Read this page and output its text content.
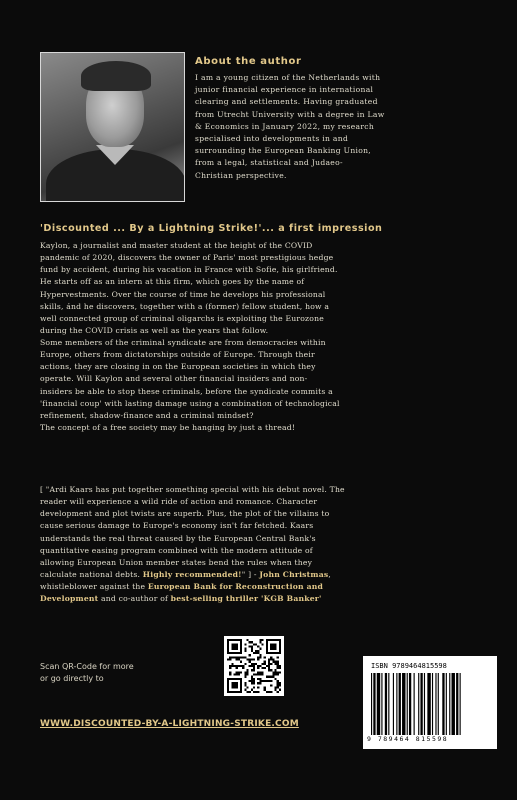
About the author
I am a young citizen of the Netherlands with
junior financial experience in international
clearing and settlements. Having graduated
from Utrecht University with a degree in Law
& Economics in January 2022, my research
specialised into developments in and
surrounding the European Banking Union,
from a legal, statistical and Judaeo-
Christian perspective.
'Discounted ... By a Lightning Strike!'... a first impression
Kaylon, a journalist and master student at the height of the COVID
pandemic of 2020, discovers the owner of Paris' most prestigious hedge
fund by accident, during his vacation in France with Sofie, his girlfriend.
He starts off as an intern at this firm, which goes by the name of
Hypervestments. Over the course of time he develops his professional
skills, ánd he discovers, together with a (former) fellow student, how a
well connected group of criminal oligarchs is exploiting the Eurozone
during the COVID crisis as well as the years that follow.
Some members of the criminal syndicate are from democracies within
Europe, others from dictatorships outside of Europe. Through their
actions, they are closing in on the European societies in which they
operate. Will Kaylon and several other financial insiders and non-
insiders be able to stop these criminals, before the syndicate commits a
'financial coup' with lasting damage using a combination of technological
refinement, shadow-finance and a criminal mindset?
The concept of a free society may be hanging by just a thread!
[ "Ardi Kaars has put together something special with his debut novel. The
reader will experience a wild ride of action and romance. Character
development and plot twists are superb. Plus, the plot of the villains to
cause serious damage to Europe's economy isn't far fetched. Kaars
understands the real threat caused by the European Central Bank's
quantitative easing program combined with the modern attitude of
allowing European Union member states bend the rules when they
calculate national debts. Highly recommended!" ] - John Christmas,
whistleblower against the European Bank for Reconstruction and
Development and co-author of best-selling thriller 'KGB Banker'
Scan QR-Code for more
or go directly to
WWW.DISCOUNTED-BY-A-LIGHTNING-STRIKE.COM
ISBN 9789464815598
9 789464 815598
